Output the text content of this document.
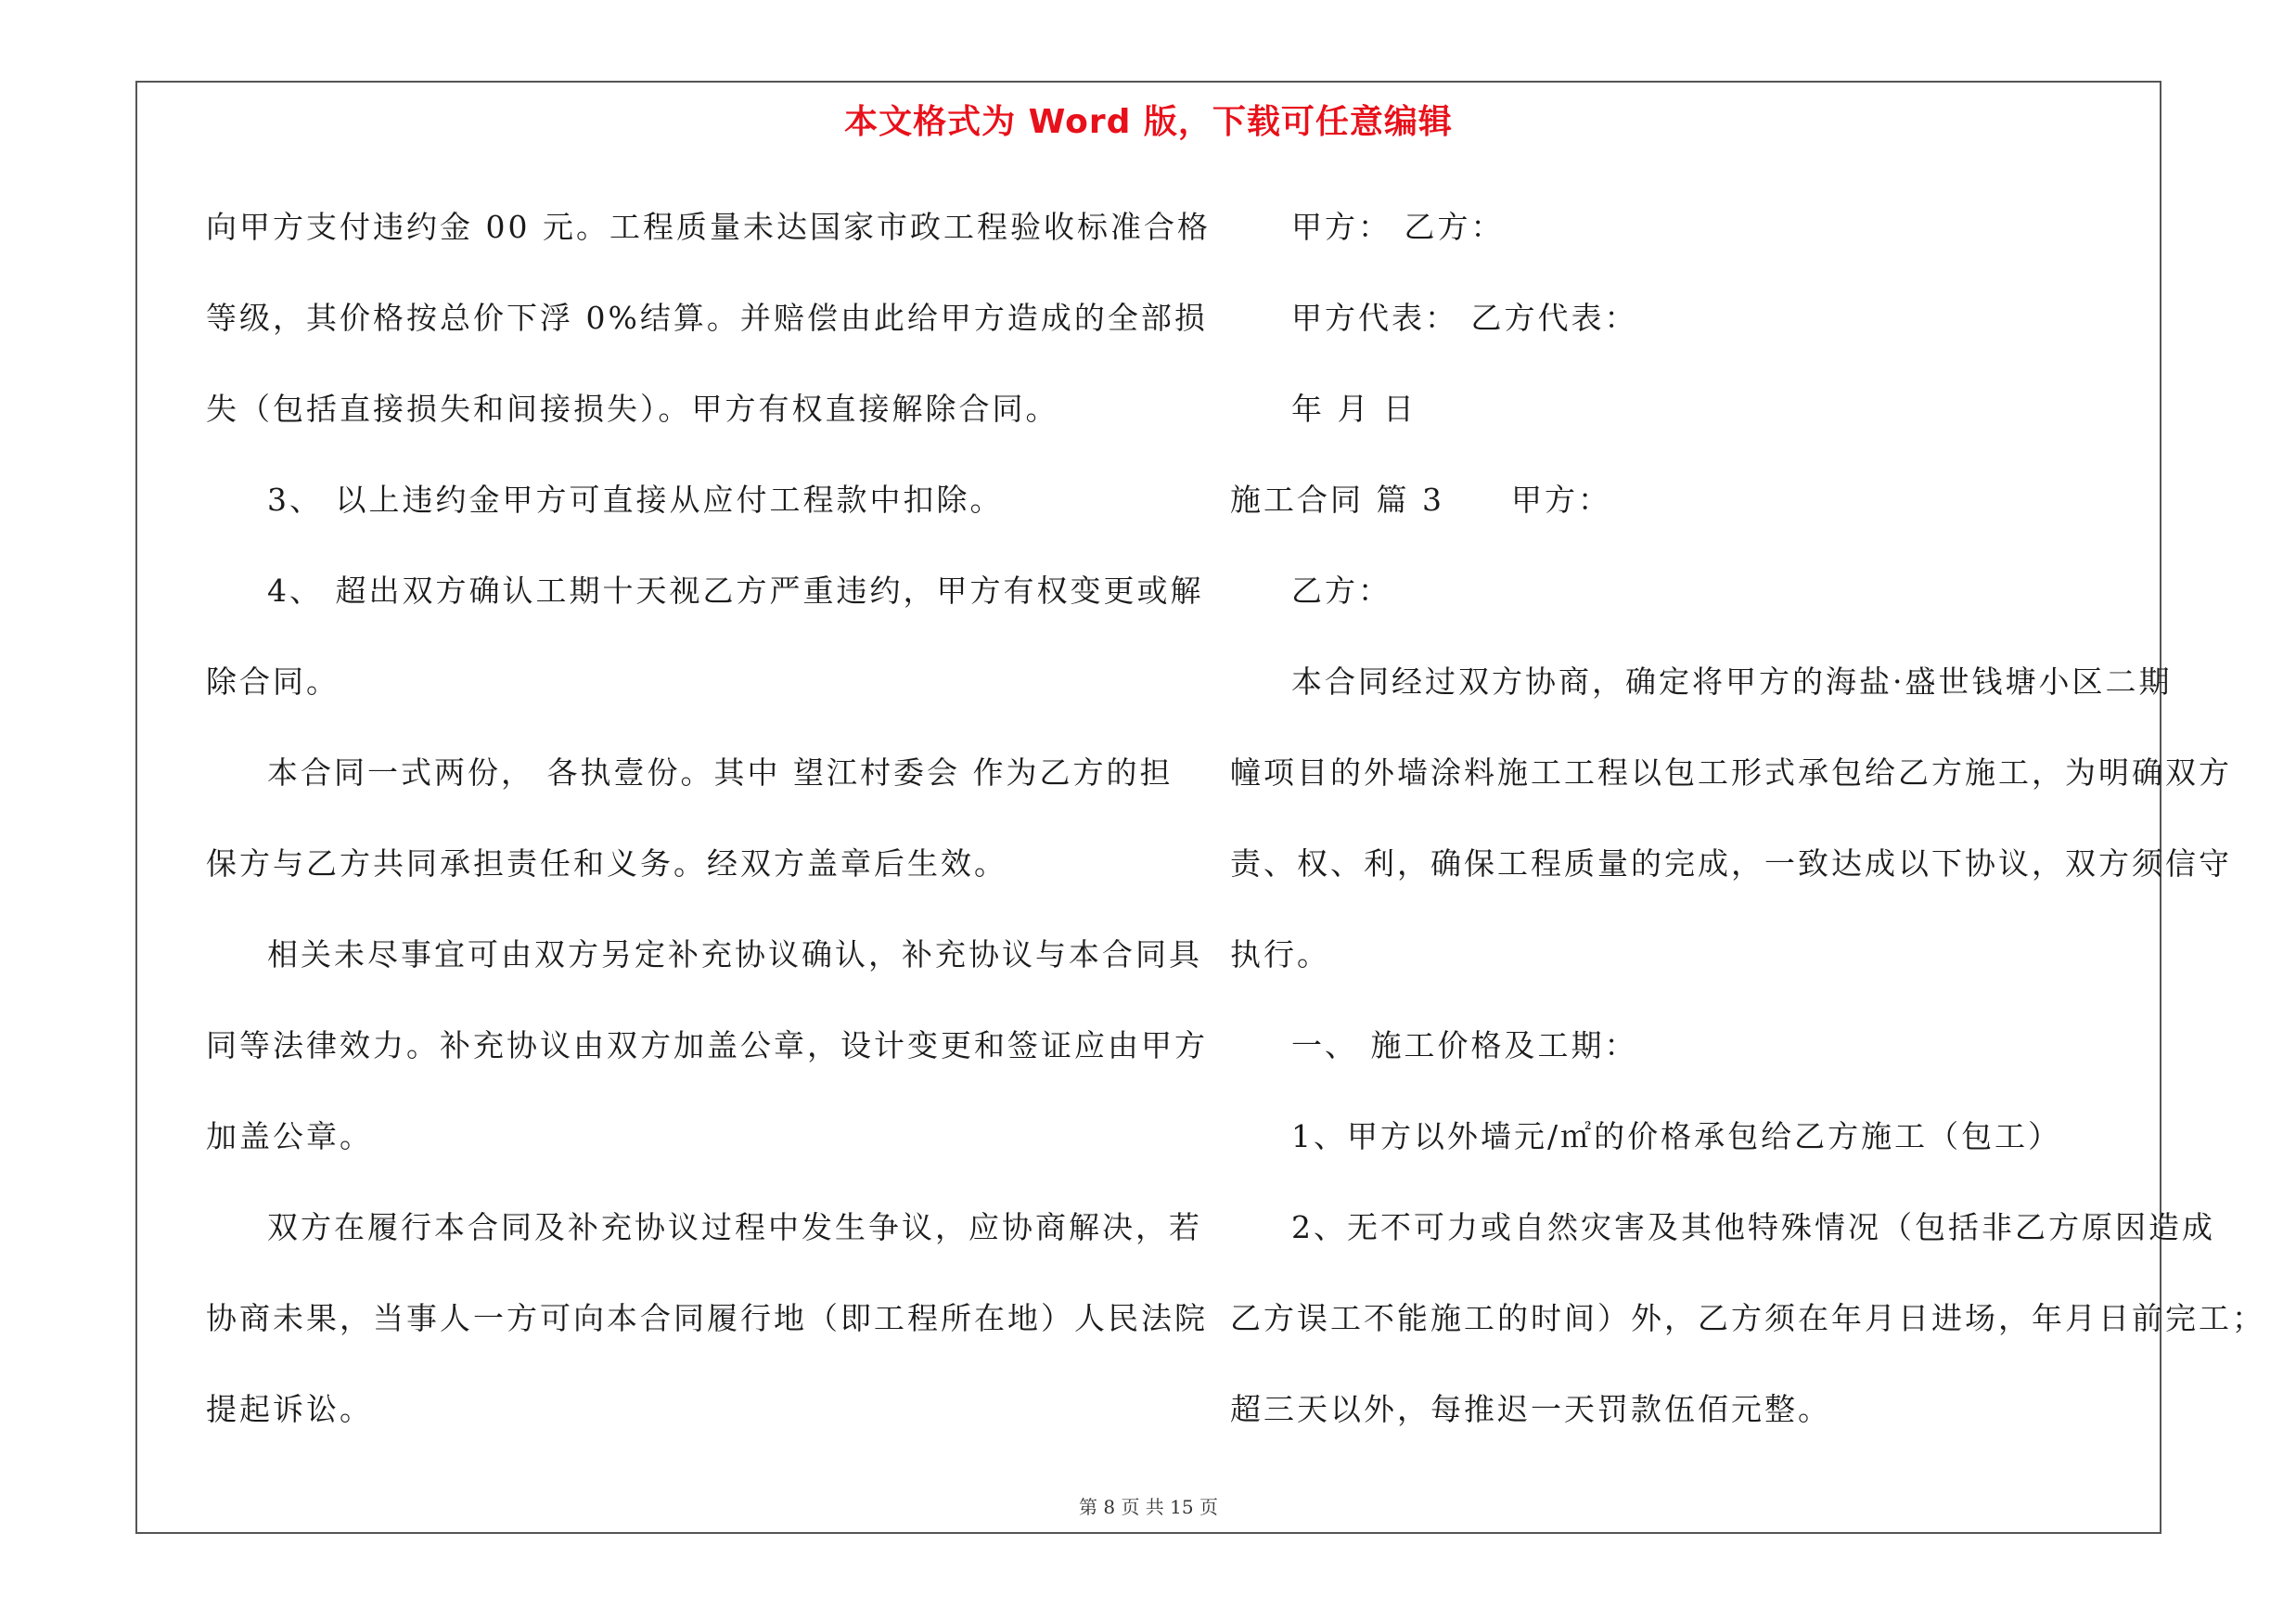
本文格式为 Word 版，下载可任意编辑
向甲方支付违约金 00 元。工程质量未达国家市政工程验收标准合格
等级，其价格按总价下浮 0%结算。并赔偿由此给甲方造成的全部损
失（包括直接损失和间接损失）。甲方有权直接解除合同。
3、 以上违约金甲方可直接从应付工程款中扣除。
4、 超出双方确认工期十天视乙方严重违约，甲方有权变更或解
除合同。
本合同一式两份， 各执壹份。其中 望江村委会 作为乙方的担
保方与乙方共同承担责任和义务。经双方盖章后生效。
相关未尽事宜可由双方另定补充协议确认，补充协议与本合同具
同等法律效力。补充协议由双方加盖公章，设计变更和签证应由甲方
加盖公章。
双方在履行本合同及补充协议过程中发生争议，应协商解决，若
协商未果，当事人一方可向本合同履行地（即工程所在地）人民法院
提起诉讼。
甲方： 乙方：
甲方代表： 乙方代表：
年 月 日
施工合同 篇 3　　甲方：
乙方：
本合同经过双方协商，确定将甲方的海盐·盛世钱塘小区二期
幢项目的外墙涂料施工工程以包工形式承包给乙方施工，为明确双方
责、权、利，确保工程质量的完成，一致达成以下协议，双方须信守
执行。
一、 施工价格及工期：
1、甲方以外墙元/㎡的价格承包给乙方施工（包工）
2、无不可力或自然灾害及其他特殊情况（包括非乙方原因造成
乙方误工不能施工的时间）外，乙方须在年月日进场，年月日前完工；
超三天以外，每推迟一天罚款伍佰元整。
第 8 页 共 15 页
